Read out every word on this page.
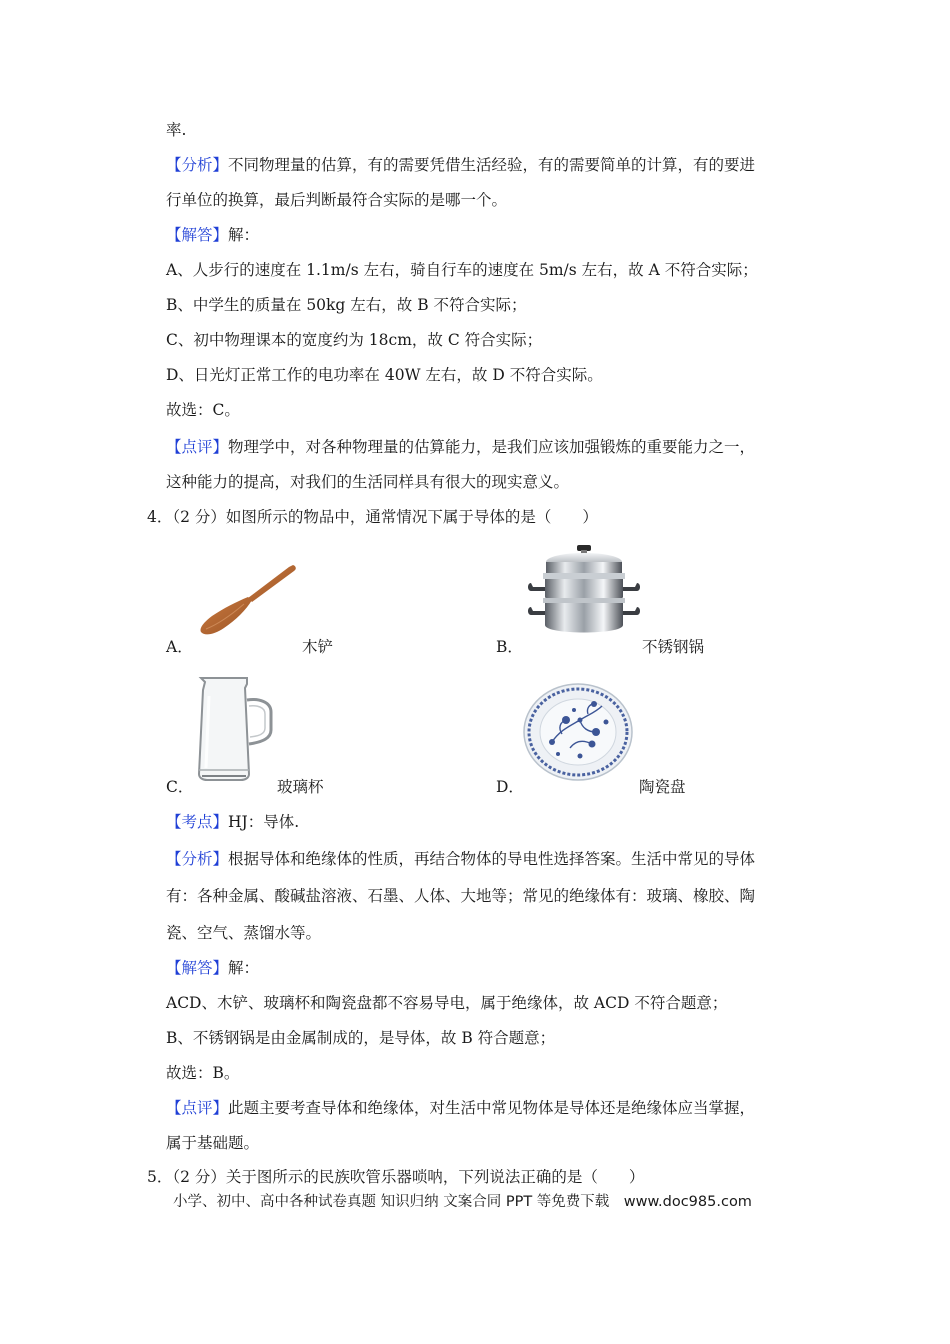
率.
【分析】不同物理量的估算，有的需要凭借生活经验，有的需要简单的计算，有的要进
行单位的换算，最后判断最符合实际的是哪一个。
【解答】解：
A、人步行的速度在 1.1m/s 左右，骑自行车的速度在 5m/s 左右，故 A 不符合实际；
B、中学生的质量在 50kg 左右，故 B 不符合实际；
C、初中物理课本的宽度约为 18cm，故 C 符合实际；
D、日光灯正常工作的电功率在 40W 左右，故 D 不符合实际。
故选：C。
【点评】物理学中，对各种物理量的估算能力，是我们应该加强锻炼的重要能力之一，
这种能力的提高，对我们的生活同样具有很大的现实意义。
4．（2 分）如图所示的物品中，通常情况下属于导体的是（　　）
A．	木铲	B．	不锈钢锅
C．	玻璃杯	D．	陶瓷盘
【考点】HJ：导体.
【分析】根据导体和绝缘体的性质，再结合物体的导电性选择答案。生活中常见的导体
有：各种金属、酸碱盐溶液、石墨、人体、大地等；常见的绝缘体有：玻璃、橡胶、陶
瓷、空气、蒸馏水等。
【解答】解：
ACD、木铲、玻璃杯和陶瓷盘都不容易导电，属于绝缘体，故 ACD 不符合题意；
B、不锈钢锅是由金属制成的，是导体，故 B 符合题意；
故选：B。
【点评】此题主要考查导体和绝缘体，对生活中常见物体是导体还是绝缘体应当掌握，
属于基础题。
5．（2 分）关于图所示的民族吹管乐器唢呐，下列说法正确的是（　　）
小学、初中、高中各种试卷真题 知识归纳 文案合同 PPT 等免费下载　www.doc985.com
